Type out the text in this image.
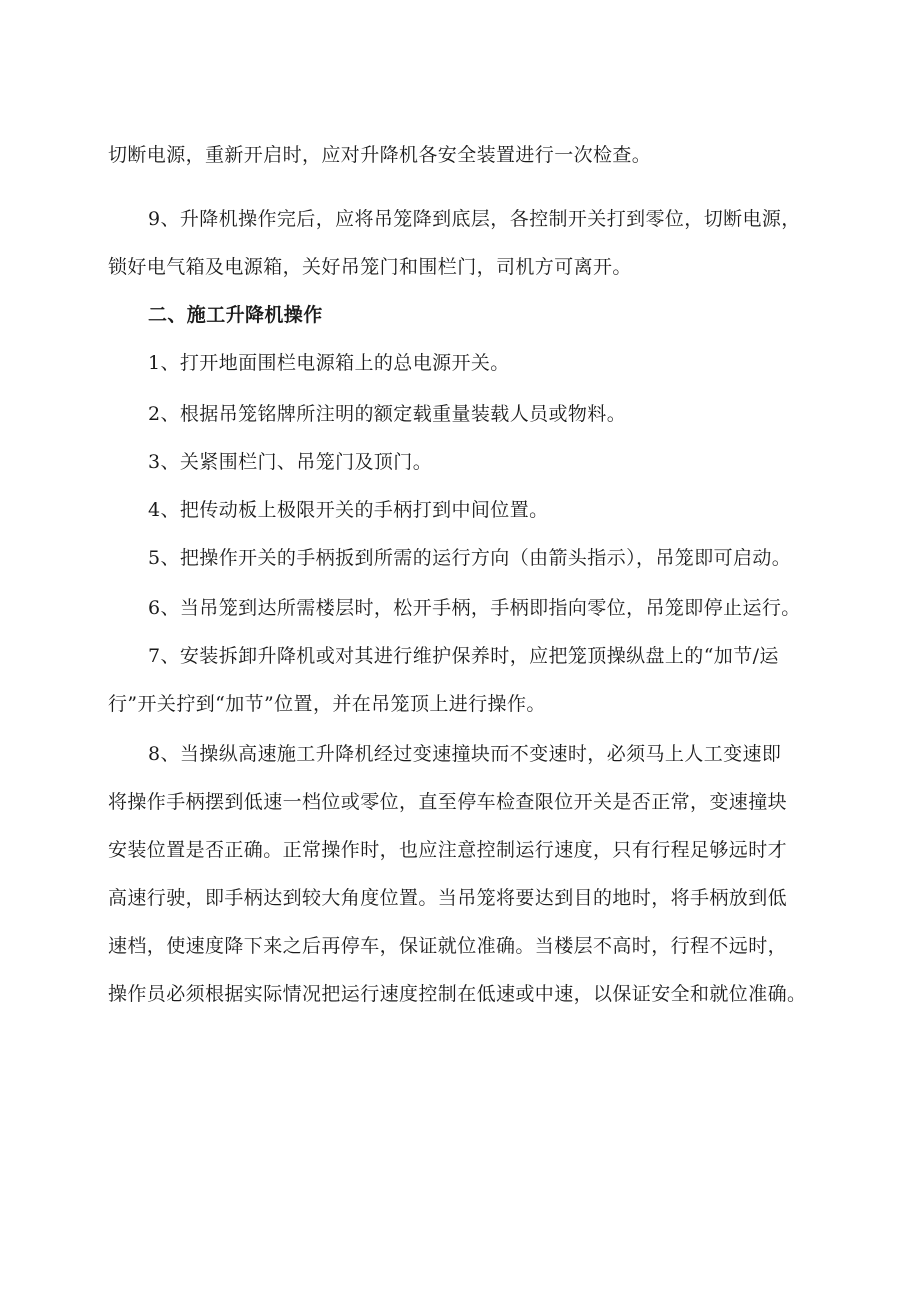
切断电源，重新开启时，应对升降机各安全装置进行一次检查。
9、升降机操作完后，应将吊笼降到底层，各控制开关打到零位，切断电源，
锁好电气箱及电源箱，关好吊笼门和围栏门，司机方可离开。
二、施工升降机操作
1、打开地面围栏电源箱上的总电源开关。
2、根据吊笼铭牌所注明的额定载重量装载人员或物料。
3、关紧围栏门、吊笼门及顶门。
4、把传动板上极限开关的手柄打到中间位置。
5、把操作开关的手柄扳到所需的运行方向（由箭头指示），吊笼即可启动。
6、当吊笼到达所需楼层时，松开手柄，手柄即指向零位，吊笼即停止运行。
7、安装拆卸升降机或对其进行维护保养时，应把笼顶操纵盘上的“加节/运
行”开关拧到“加节”位置，并在吊笼顶上进行操作。
8、当操纵高速施工升降机经过变速撞块而不变速时，必须马上人工变速即
将操作手柄摆到低速一档位或零位，直至停车检查限位开关是否正常，变速撞块
安装位置是否正确。正常操作时，也应注意控制运行速度，只有行程足够远时才
高速行驶，即手柄达到较大角度位置。当吊笼将要达到目的地时，将手柄放到低
速档，使速度降下来之后再停车，保证就位准确。当楼层不高时，行程不远时，
操作员必须根据实际情况把运行速度控制在低速或中速，以保证安全和就位准确。
